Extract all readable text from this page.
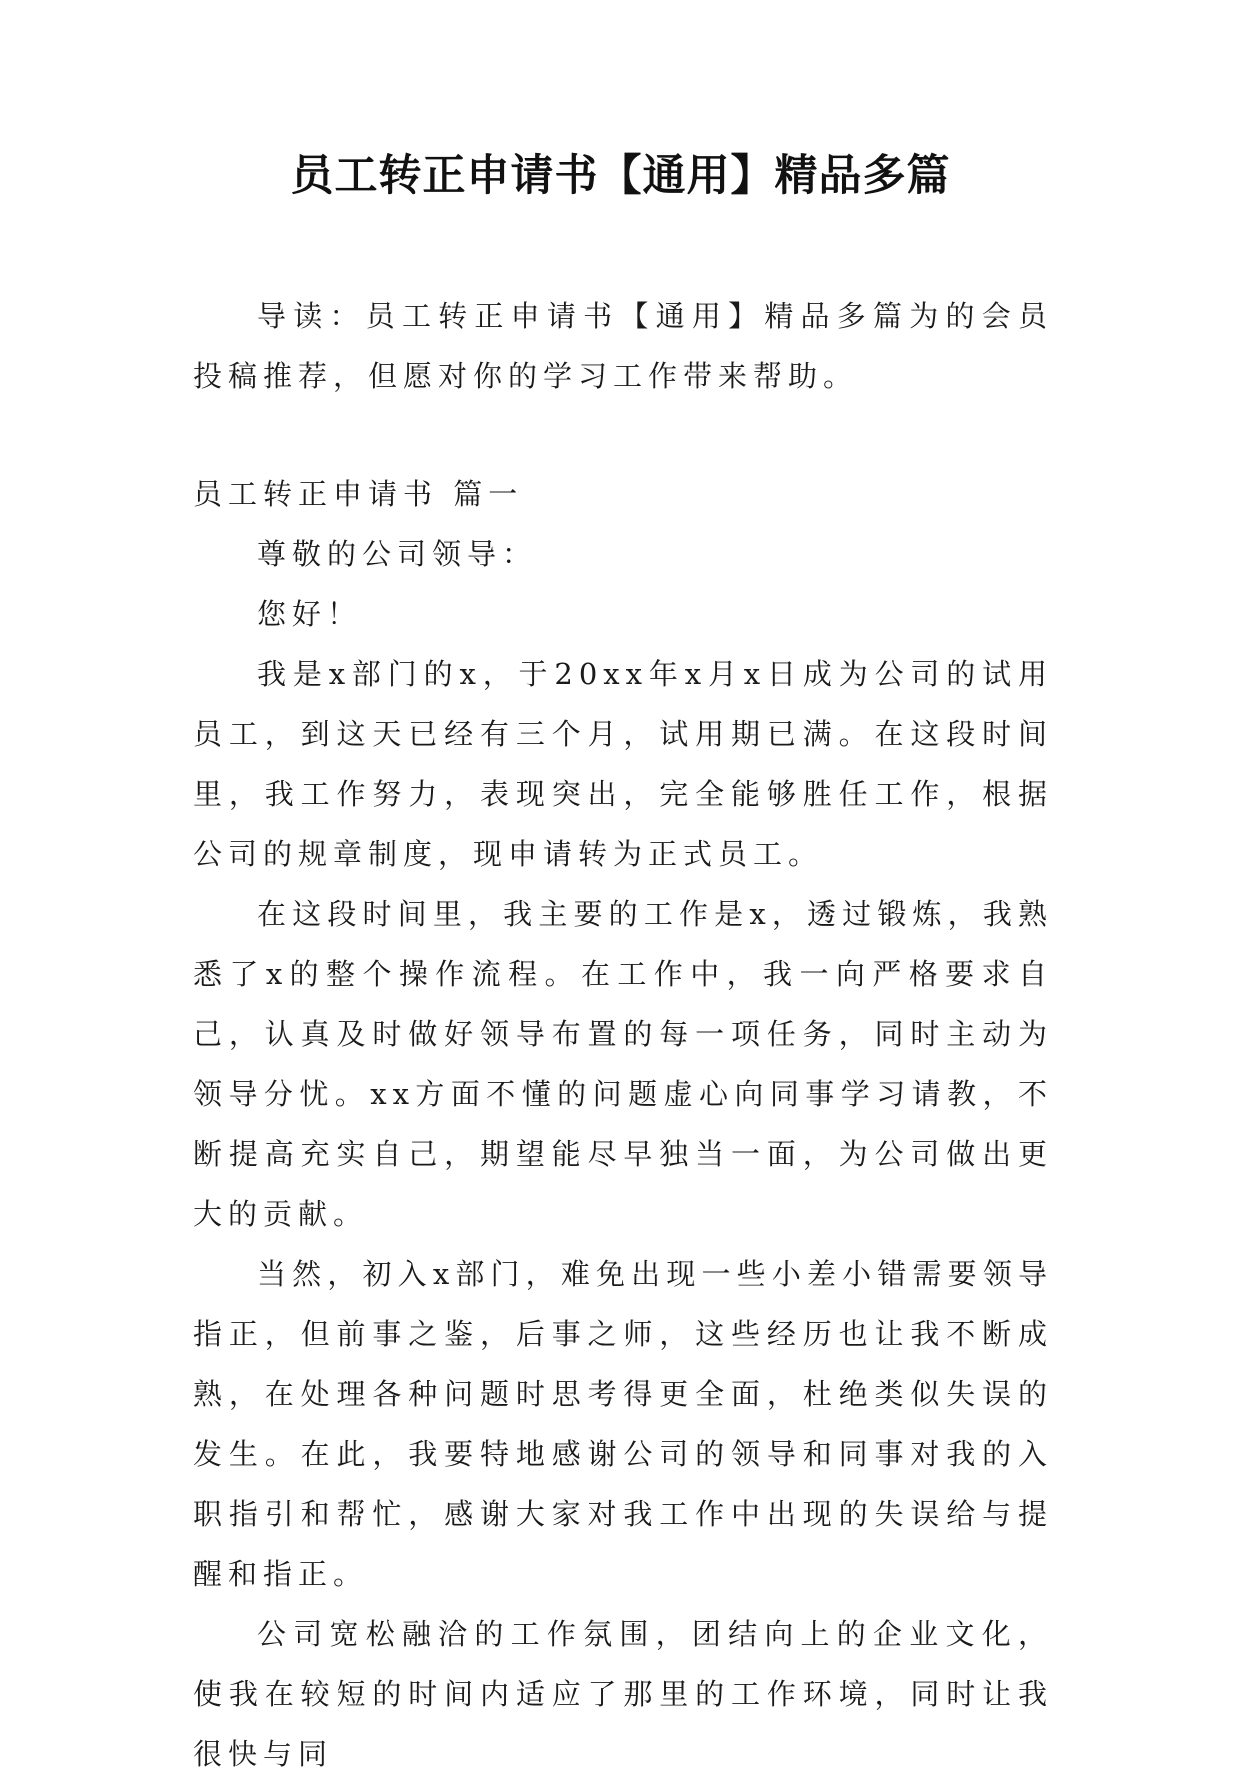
员工转正申请书【通用】精品多篇

导读：员工转正申请书【通用】精品多篇为的会员投稿推荐，但愿对你的学习工作带来帮助。

员工转正申请书 篇一

尊敬的公司领导：

您好！

我是x部门的x，于20xx年x月x日成为公司的试用员工，到这天已经有三个月，试用期已满。在这段时间里，我工作努力，表现突出，完全能够胜任工作，根据公司的规章制度，现申请转为正式员工。

在这段时间里，我主要的工作是x，透过锻炼，我熟悉了x的整个操作流程。在工作中，我一向严格要求自己，认真及时做好领导布置的每一项任务，同时主动为领导分忧。xx方面不懂的问题虚心向同事学习请教，不断提高充实自己，期望能尽早独当一面，为公司做出更大的贡献。

当然，初入x部门，难免出现一些小差小错需要领导指正，但前事之鉴，后事之师，这些经历也让我不断成熟，在处理各种问题时思考得更全面，杜绝类似失误的发生。在此，我要特地感谢公司的领导和同事对我的入职指引和帮忙，感谢大家对我工作中出现的失误给与提醒和指正。

公司宽松融洽的工作氛围，团结向上的企业文化，使我在较短的时间内适应了那里的工作环境，同时让我很快与同
